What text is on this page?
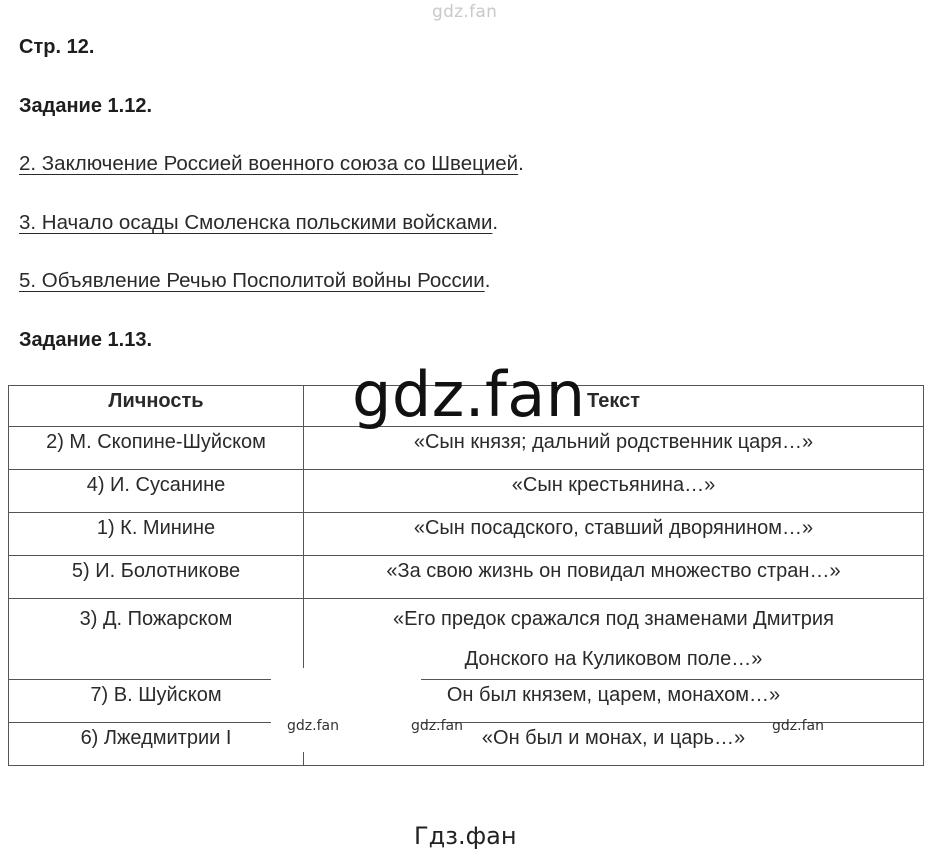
gdz.fan
Стр. 12.
Задание 1.12.
2. Заключение Россией военного союза со Швецией.
3. Начало осады Смоленска польскими войсками.
5. Объявление Речью Посполитой войны России.
Задание 1.13.
Личность	Текст
2) М. Скопине-Шуйском	«Сын князя; дальний родственник царя…»
4) И. Сусанине	«Сын крестьянина…»
1) К. Минине	«Сын посадского, ставший дворянином…»
5) И. Болотникове	«За свою жизнь он повидал множество стран…»
3) Д. Пожарском	«Его предок сражался под знаменами Дмитрия
Донского на Куликовом поле…»

7) В. Шуйском	Он был князем, царем, монахом…»
6) Лжедмитрии I	«Он был и монах, и царь…»
gdz.fan
gdz.fan	gdz.fan	gdz.fan
Гдз.фан
